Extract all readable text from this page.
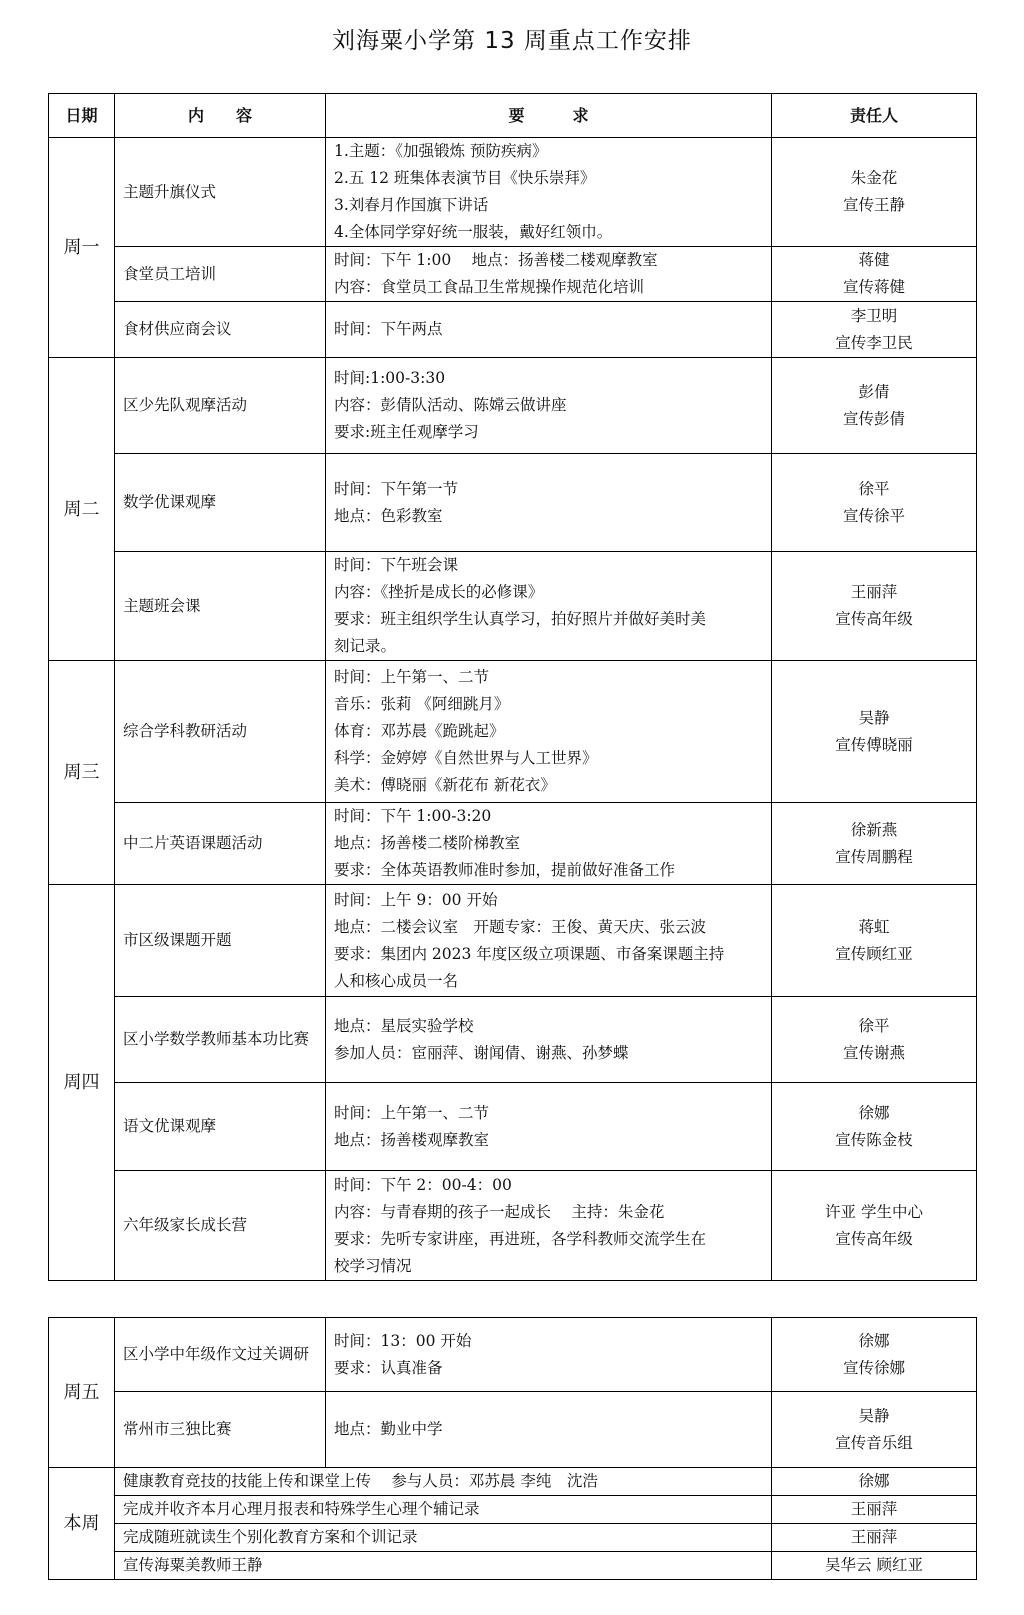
刘海粟小学第 13 周重点工作安排
日期	内　　容	要　　　求	责任人
周一	主题升旗仪式	1.主题：《加强锻炼 预防疾病》
2.五 12 班集体表演节目《快乐崇拜》
3.刘春月作国旗下讲话
4.全体同学穿好统一服装，戴好红领巾。	朱金花
宣传王静

	食堂员工培训	时间：下午 1:00　 地点：扬善楼二楼观摩教室
内容：食堂员工食品卫生常规操作规范化培训	蒋健
宣传蒋健

	食材供应商会议	时间：下午两点	李卫明
宣传李卫民

周二	区少先队观摩活动	时间:1:00-3:30
内容：彭倩队活动、陈嫦云做讲座
要求:班主任观摩学习	彭倩
宣传彭倩

	数学优课观摩	时间：下午第一节
地点：色彩教室	徐平
宣传徐平

	主题班会课	时间：下午班会课
内容：《挫折是成长的必修课》
要求：班主组织学生认真学习，拍好照片并做好美时美
刻记录。	王丽萍
宣传高年级

周三	综合学科教研活动	时间：上午第一、二节
音乐：张莉 《阿细跳月》
体育：邓苏晨《跪跳起》
科学：金婷婷《自然世界与人工世界》
美术：傅晓丽《新花布 新花衣》	吴静
宣传傅晓丽

	中二片英语课题活动	时间：下午 1:00-3:20
地点：扬善楼二楼阶梯教室
要求：全体英语教师准时参加，提前做好准备工作	徐新燕
宣传周鹏程

周四	市区级课题开题	时间：上午 9：00 开始
地点：二楼会议室　开题专家：王俊、黄天庆、张云波
要求：集团内 2023 年度区级立项课题、市备案课题主持
人和核心成员一名	蒋虹
宣传顾红亚

	区小学数学教师基本功比赛	地点：星辰实验学校
参加人员：宦丽萍、谢闻倩、谢燕、孙梦蝶	徐平
宣传谢燕

	语文优课观摩	时间：上午第一、二节
地点：扬善楼观摩教室	徐娜
宣传陈金枝

	六年级家长成长营	时间：下午 2：00-4：00
内容：与青春期的孩子一起成长　 主持：朱金花
要求：先听专家讲座，再进班，各学科教师交流学生在
校学习情况	许亚 学生中心
宣传高年级
周五	区小学中年级作文过关调研	时间：13：00 开始
要求：认真准备	徐娜
宣传徐娜

	常州市三独比赛	地点：勤业中学	吴静
宣传音乐组

本周	健康教育竞技的技能上传和课堂上传　 参与人员：邓苏晨 李纯　沈浩		徐娜
	完成并收齐本月心理月报表和特殊学生心理个辅记录		王丽萍
	完成随班就读生个别化教育方案和个训记录		王丽萍
	宣传海粟美教师王静		吴华云 顾红亚
